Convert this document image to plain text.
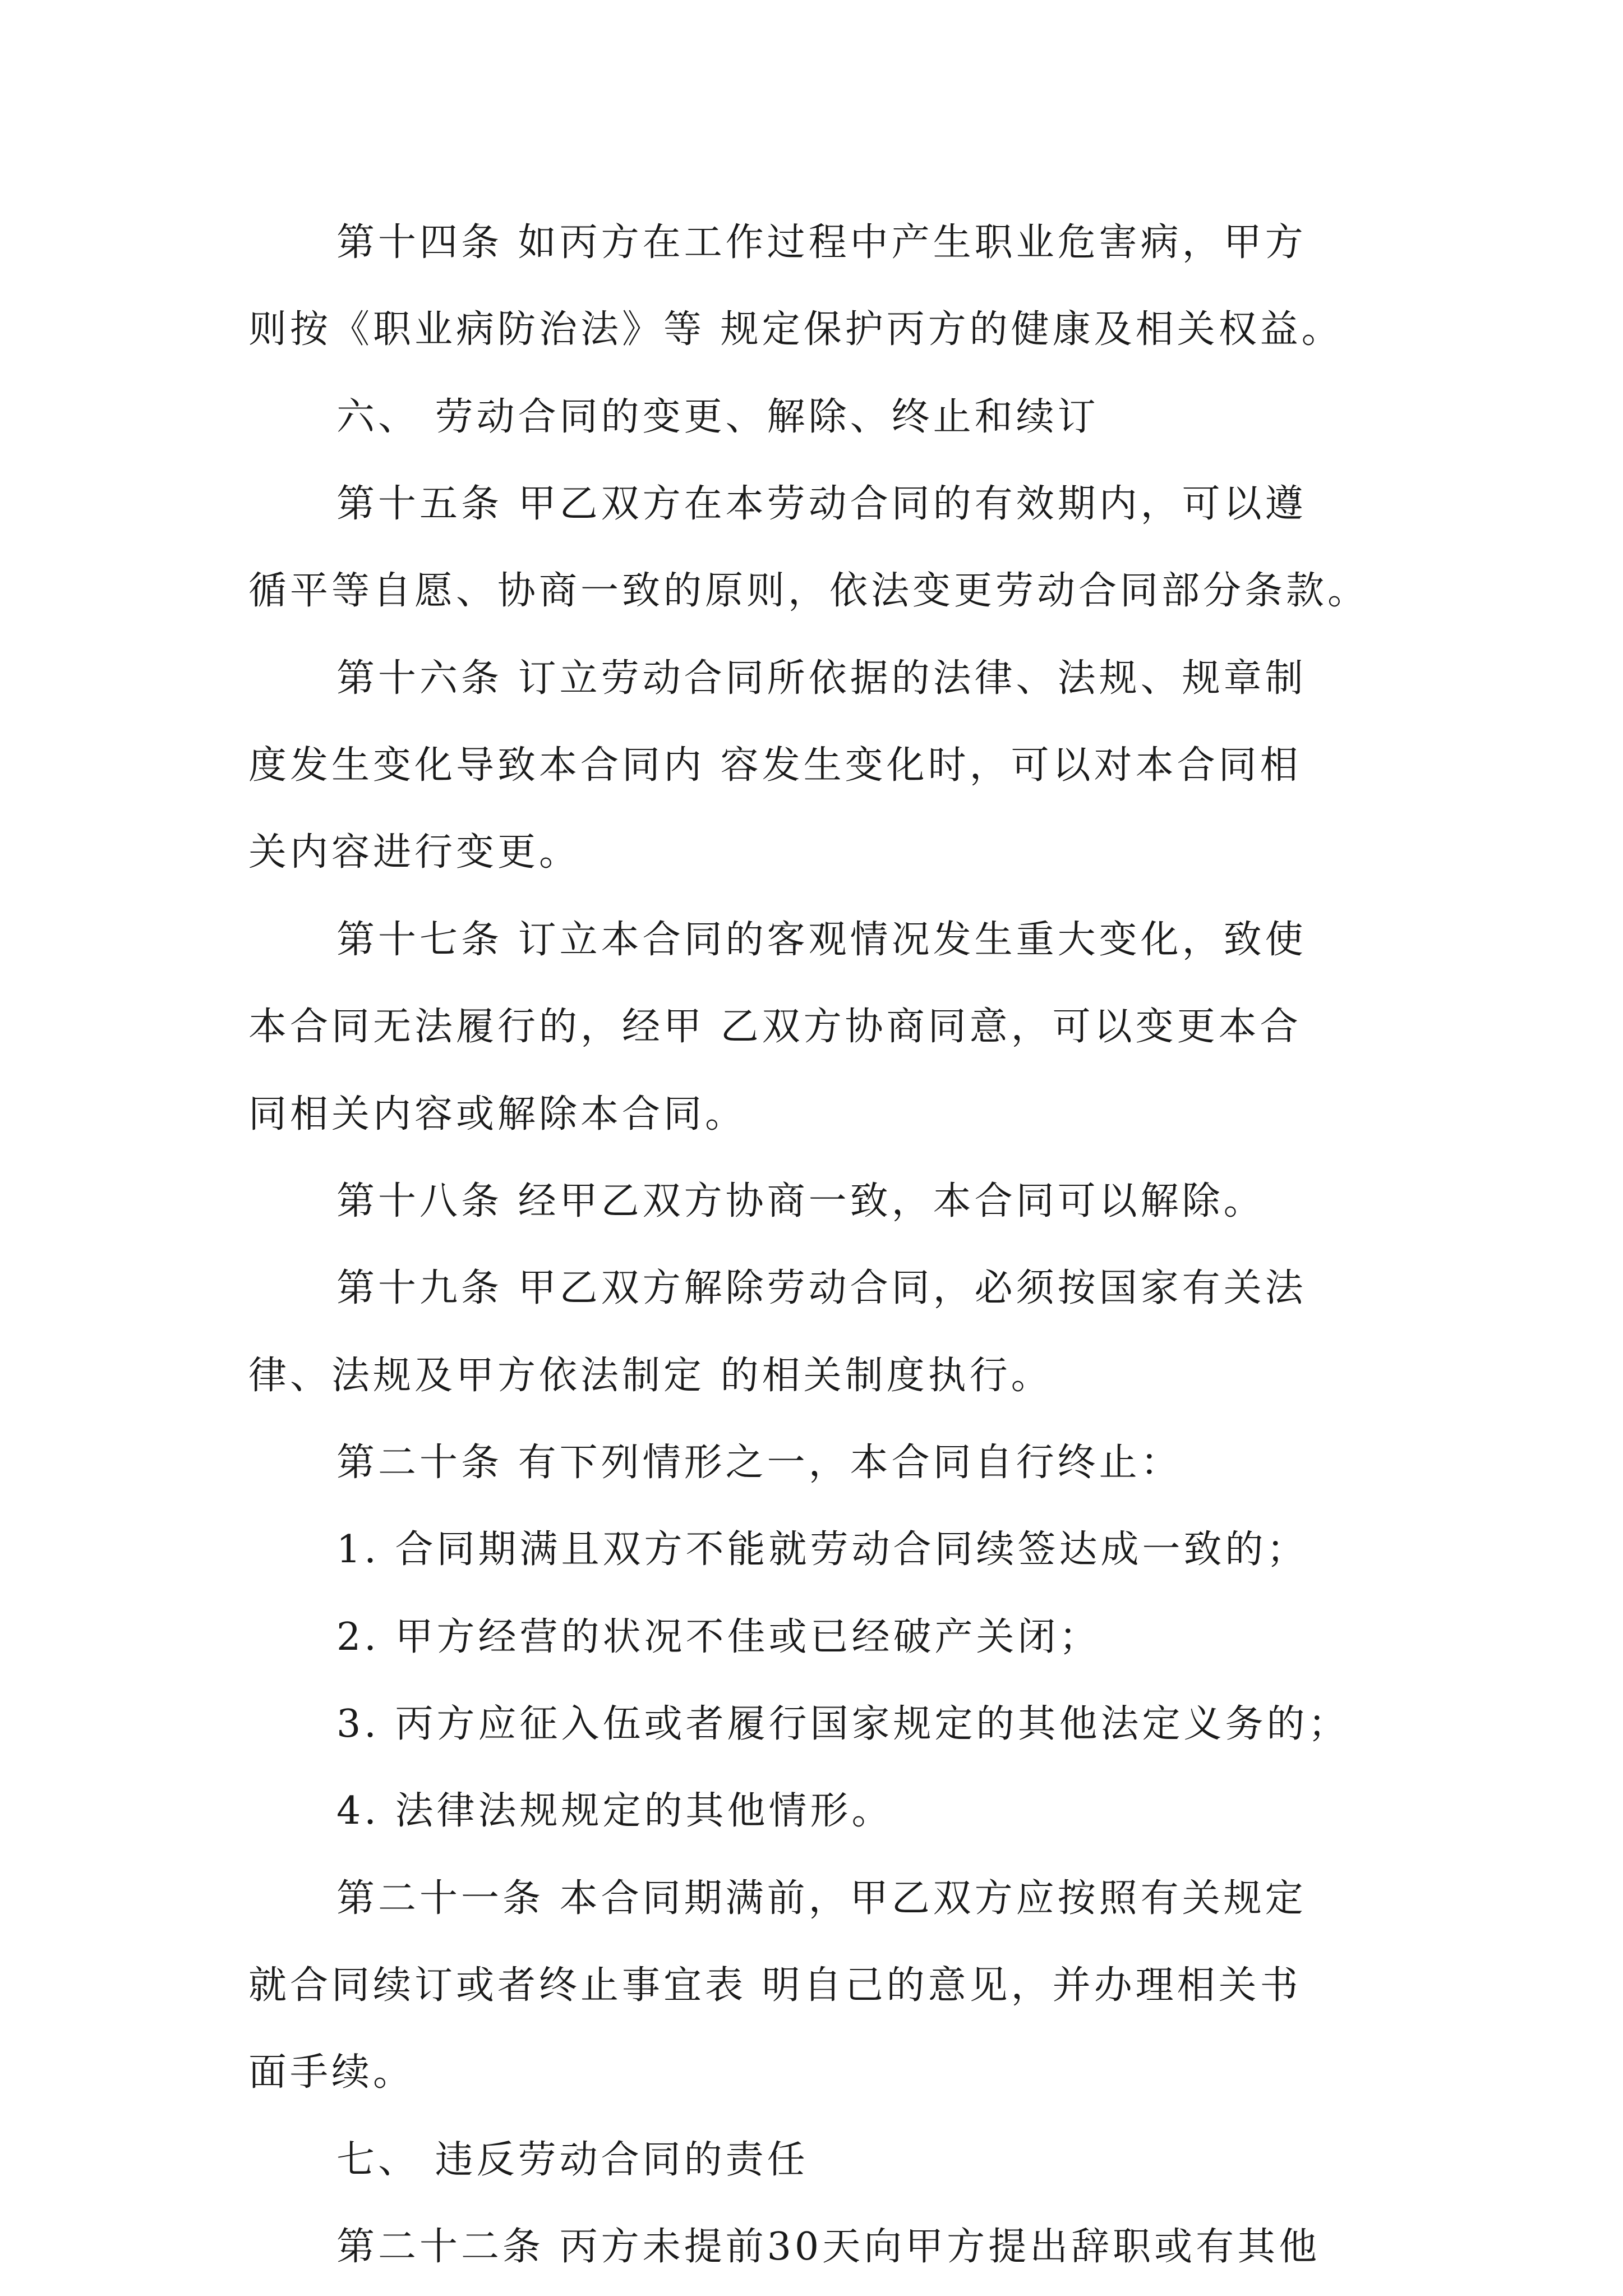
第十四条 如丙方在工作过程中产生职业危害病，甲方
则按《职业病防治法》等 规定保护丙方的健康及相关权益。
六、 劳动合同的变更、解除、终止和续订
第十五条 甲乙双方在本劳动合同的有效期内，可以遵
循平等自愿、协商一致的原则，依法变更劳动合同部分条款。
第十六条 订立劳动合同所依据的法律、法规、规章制
度发生变化导致本合同内 容发生变化时，可以对本合同相
关内容进行变更。
第十七条 订立本合同的客观情况发生重大变化，致使
本合同无法履行的，经甲 乙双方协商同意，可以变更本合
同相关内容或解除本合同。
第十八条 经甲乙双方协商一致，本合同可以解除。
第十九条 甲乙双方解除劳动合同，必须按国家有关法
律、法规及甲方依法制定 的相关制度执行。
第二十条 有下列情形之一，本合同自行终止：
1. 合同期满且双方不能就劳动合同续签达成一致的；
2. 甲方经营的状况不佳或已经破产关闭；
3. 丙方应征入伍或者履行国家规定的其他法定义务的；
4. 法律法规规定的其他情形。
第二十一条 本合同期满前，甲乙双方应按照有关规定
就合同续订或者终止事宜表 明自己的意见，并办理相关书
面手续。
七、 违反劳动合同的责任
第二十二条 丙方未提前30天向甲方提出辞职或有其他
